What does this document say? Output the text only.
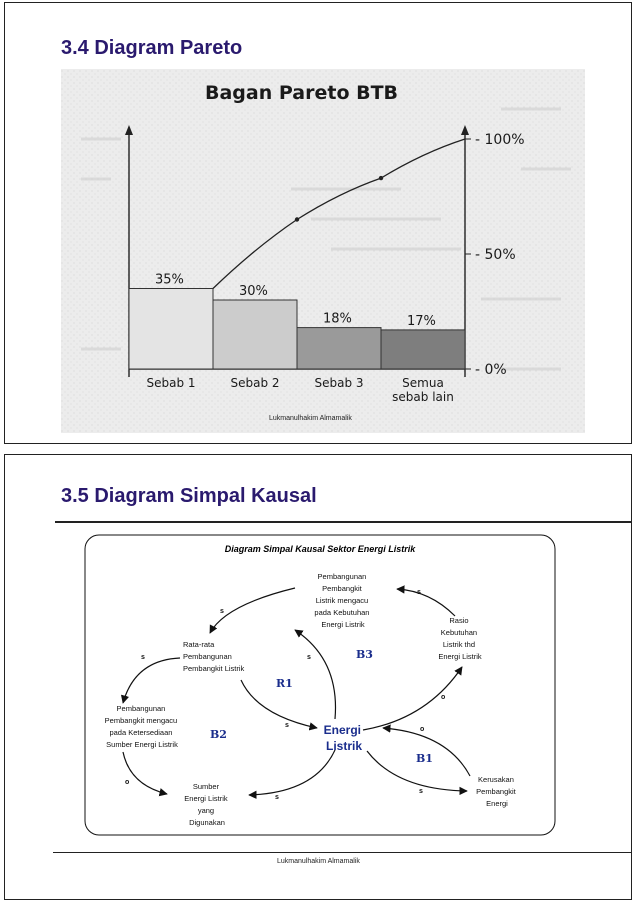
3.4 Diagram Pareto
Bagan Pareto BTB
- 100%
- 50%
- 0%
35%
Sebab 1
30%
Sebab 2
18%
Sebab 3
17%
Semua
sebab lain
Lukmanulhakim Almamalik
3.5 Diagram Simpal Kausal
Diagram Simpal Kausal Sektor Energi Listrik
s
s
s
s
s
o
s
o
s
o
R1
B2
B3
B1
Pembangunan Pembangkit Listrik mengacu pada Kebutuhan Energi Listrik	Rasio Kebutuhan Listrik thd Energi Listrik
Rata-rata Pembangunan Pembangkit Listrik
Pembangunan Pembangkit mengacu pada Ketersediaan Sumber Energi Listrik
Sumber Energi Listrik yang Digunakan
Kerusakan Pembangkit Energi
Energi Listrik
Lukmanulhakim Almamalik
